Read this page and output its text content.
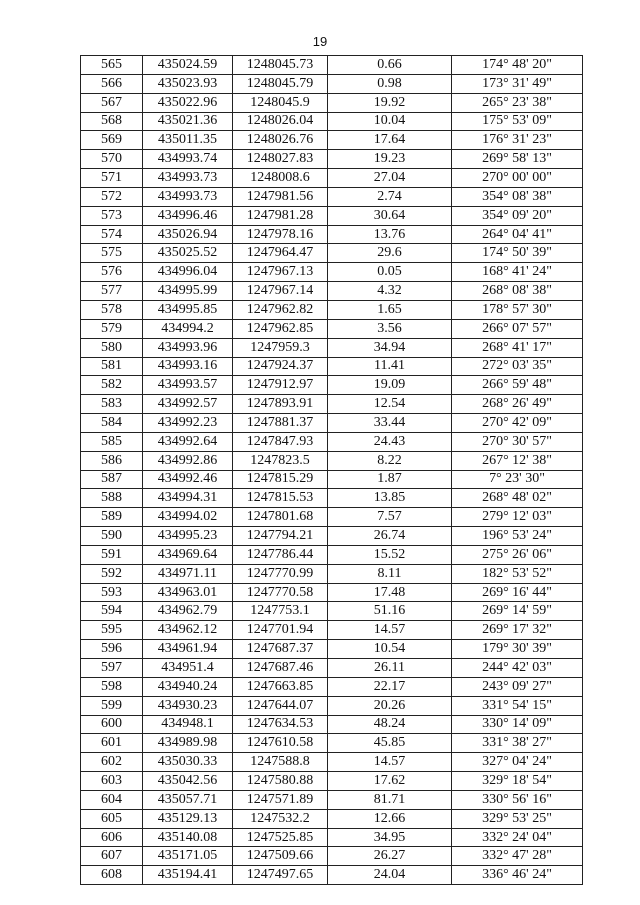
19
565	435024.59	1248045.73	0.66	174° 48' 20"
566	435023.93	1248045.79	0.98	173° 31' 49"
567	435022.96	1248045.9	19.92	265° 23' 38"
568	435021.36	1248026.04	10.04	175° 53' 09"
569	435011.35	1248026.76	17.64	176° 31' 23"
570	434993.74	1248027.83	19.23	269° 58' 13"
571	434993.73	1248008.6	27.04	270° 00' 00"
572	434993.73	1247981.56	2.74	354° 08' 38"
573	434996.46	1247981.28	30.64	354° 09' 20"
574	435026.94	1247978.16	13.76	264° 04' 41"
575	435025.52	1247964.47	29.6	174° 50' 39"
576	434996.04	1247967.13	0.05	168° 41' 24"
577	434995.99	1247967.14	4.32	268° 08' 38"
578	434995.85	1247962.82	1.65	178° 57' 30"
579	434994.2	1247962.85	3.56	266° 07' 57"
580	434993.96	1247959.3	34.94	268° 41' 17"
581	434993.16	1247924.37	11.41	272° 03' 35"
582	434993.57	1247912.97	19.09	266° 59' 48"
583	434992.57	1247893.91	12.54	268° 26' 49"
584	434992.23	1247881.37	33.44	270° 42' 09"
585	434992.64	1247847.93	24.43	270° 30' 57"
586	434992.86	1247823.5	8.22	267° 12' 38"
587	434992.46	1247815.29	1.87	7° 23' 30"
588	434994.31	1247815.53	13.85	268° 48' 02"
589	434994.02	1247801.68	7.57	279° 12' 03"
590	434995.23	1247794.21	26.74	196° 53' 24"
591	434969.64	1247786.44	15.52	275° 26' 06"
592	434971.11	1247770.99	8.11	182° 53' 52"
593	434963.01	1247770.58	17.48	269° 16' 44"
594	434962.79	1247753.1	51.16	269° 14' 59"
595	434962.12	1247701.94	14.57	269° 17' 32"
596	434961.94	1247687.37	10.54	179° 30' 39"
597	434951.4	1247687.46	26.11	244° 42' 03"
598	434940.24	1247663.85	22.17	243° 09' 27"
599	434930.23	1247644.07	20.26	331° 54' 15"
600	434948.1	1247634.53	48.24	330° 14' 09"
601	434989.98	1247610.58	45.85	331° 38' 27"
602	435030.33	1247588.8	14.57	327° 04' 24"
603	435042.56	1247580.88	17.62	329° 18' 54"
604	435057.71	1247571.89	81.71	330° 56' 16"
605	435129.13	1247532.2	12.66	329° 53' 25"
606	435140.08	1247525.85	34.95	332° 24' 04"
607	435171.05	1247509.66	26.27	332° 47' 28"
608	435194.41	1247497.65	24.04	336° 46' 24"
